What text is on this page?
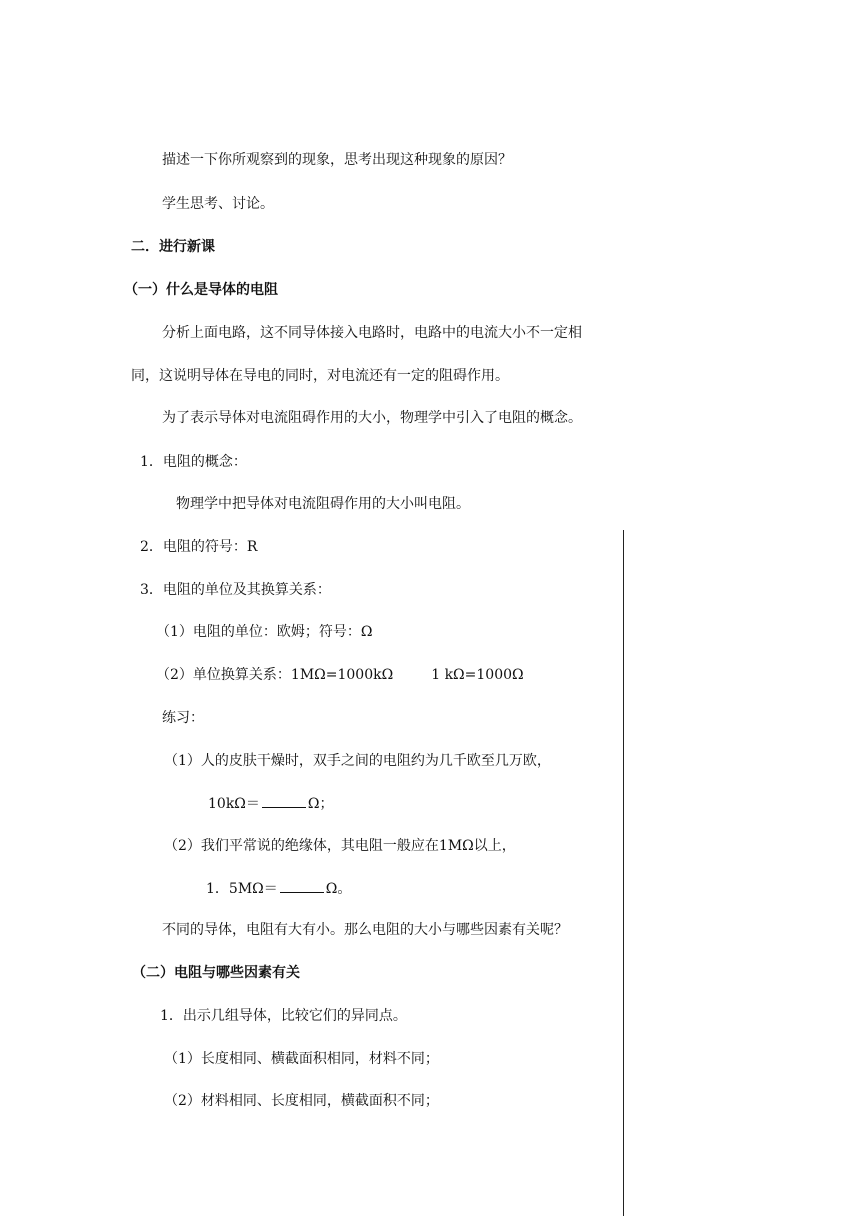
描述一下你所观察到的现象，思考出现这种现象的原因？
学生思考、讨论。
二．进行新课
（一）什么是导体的电阻
分析上面电路，这不同导体接入电路时，电路中的电流大小不一定相
同，这说明导体在导电的同时，对电流还有一定的阻碍作用。
为了表示导体对电流阻碍作用的大小，物理学中引入了电阻的概念。
1．电阻的概念：
物理学中把导体对电流阻碍作用的大小叫电阻。
2．电阻的符号：R
3．电阻的单位及其换算关系：
（1）电阻的单位：欧姆；符号：Ω
（2）单位换算关系：1MΩ=1000kΩ	1 kΩ=1000Ω
练习：
（1）人的皮肤干燥时，双手之间的电阻约为几千欧至几万欧，
10kΩ＝	Ω；
（2）我们平常说的绝缘体，其电阻一般应在1MΩ以上，
1．5MΩ＝	Ω。
不同的导体，电阻有大有小。那么电阻的大小与哪些因素有关呢？
（二）电阻与哪些因素有关
1．出示几组导体，比较它们的异同点。
（1）长度相同、横截面积相同，材料不同；
（2）材料相同、长度相同，横截面积不同；
